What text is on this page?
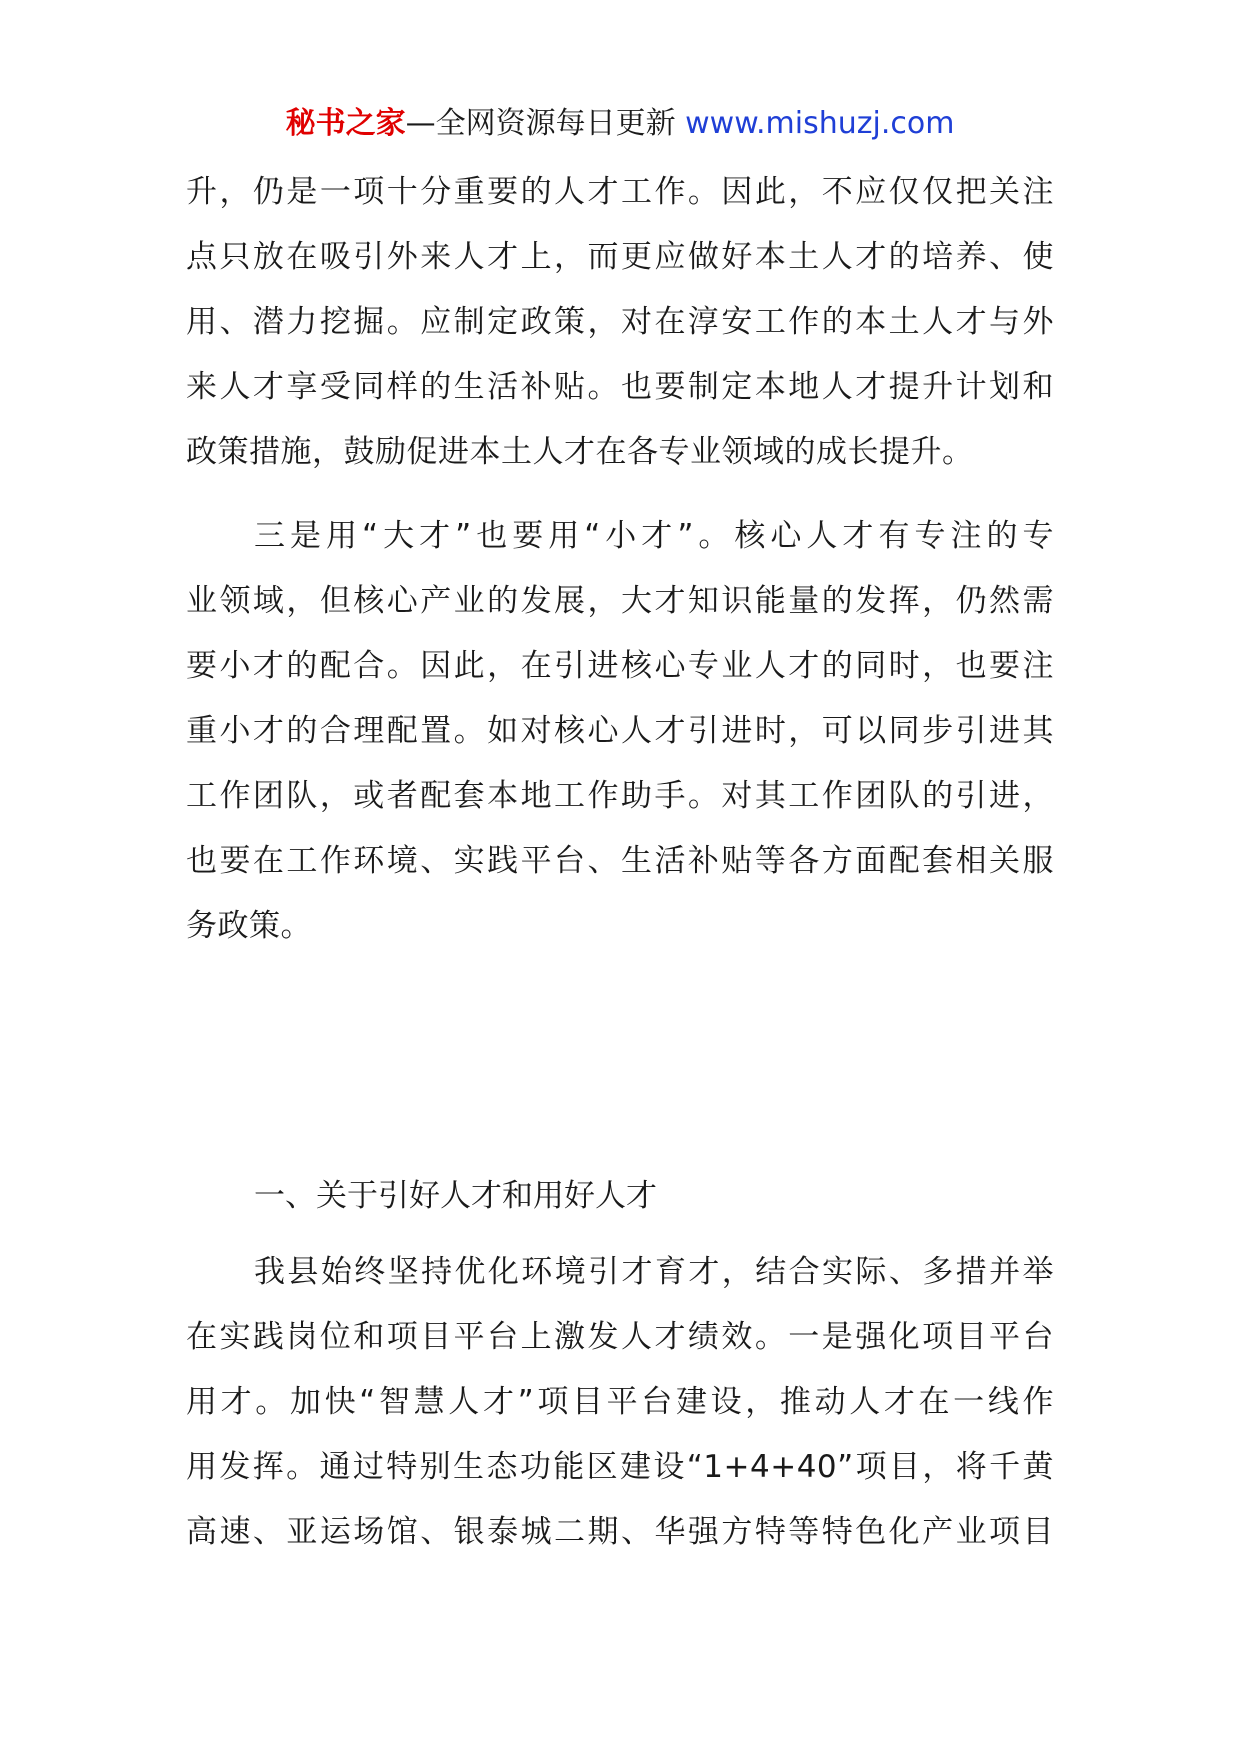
秘书之家—全网资源每日更新 www.mishuzj.com
升，仍是一项十分重要的人才工作。因此，不应仅仅把关注
点只放在吸引外来人才上，而更应做好本土人才的培养、使
用、潜力挖掘。应制定政策，对在淳安工作的本土人才与外
来人才享受同样的生活补贴。也要制定本地人才提升计划和
政策措施，鼓励促进本土人才在各专业领域的成长提升。
三是用“大才”也要用“小才”。核心人才有专注的专
业领域，但核心产业的发展，大才知识能量的发挥，仍然需
要小才的配合。因此，在引进核心专业人才的同时，也要注
重小才的合理配置。如对核心人才引进时，可以同步引进其
工作团队，或者配套本地工作助手。对其工作团队的引进，
也要在工作环境、实践平台、生活补贴等各方面配套相关服
务政策。
一、关于引好人才和用好人才
我县始终坚持优化环境引才育才，结合实际、多措并举
在实践岗位和项目平台上激发人才绩效。一是强化项目平台
用才。加快“智慧人才”项目平台建设，推动人才在一线作
用发挥。通过特别生态功能区建设“1+4+40”项目，将千黄
高速、亚运场馆、银泰城二期、华强方特等特色化产业项目
